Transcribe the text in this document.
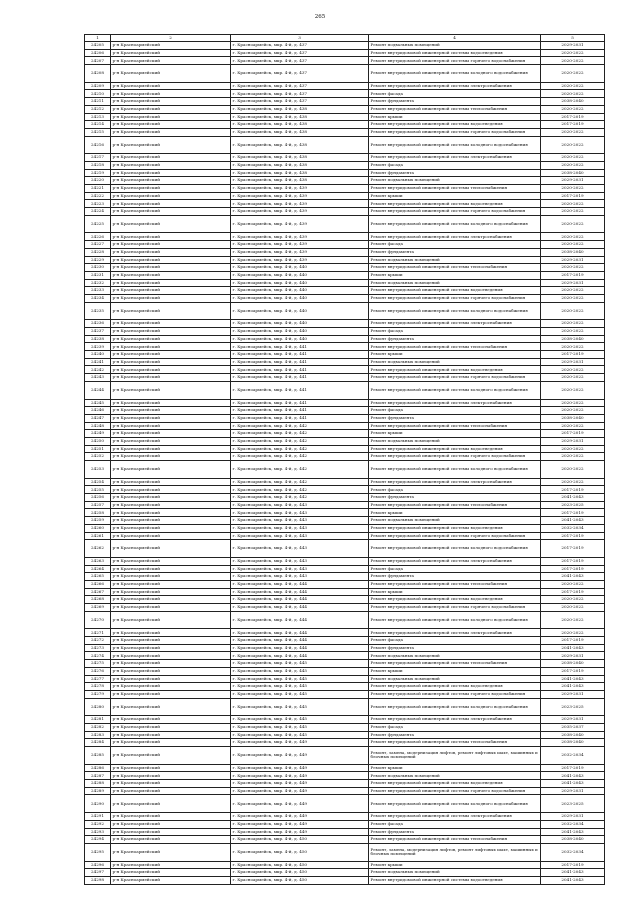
265
1	2	3	4	5
24205	р-н Красноармейский	г. Красноармейск, мкр. 4-й, д. 437	Ремонт подвальных помещений	2029-2031
24206	р-н Красноармейский	г. Красноармейск, мкр. 4-й, д. 437	Ремонт внутридомовой инженерной системы водоотведения	2020-2022
24207	р-н Красноармейский	г. Красноармейск, мкр. 4-й, д. 437	Ремонт внутридомовой инженерной системы горячего водоснабжения	2020-2022
24208	р-н Красноармейский	г. Красноармейск, мкр. 4-й, д. 437	Ремонт внутридомовой инженерной системы холодного водоснабжения	2020-2022
24209	р-н Красноармейский	г. Красноармейск, мкр. 4-й, д. 437	Ремонт внутридомовой инженерной системы электроснабжения	2020-2022
24210	р-н Красноармейский	г. Красноармейск, мкр. 4-й, д. 437	Ремонт фасада	2020-2022
24211	р-н Красноармейский	г. Красноармейск, мкр. 4-й, д. 437	Ремонт фундамента	2038-2040
24212	р-н Красноармейский	г. Красноармейск, мкр. 4-й, д. 438	Ремонт внутридомовой инженерной системы теплоснабжения	2020-2022
24213	р-н Красноармейский	г. Красноармейск, мкр. 4-й, д. 438	Ремонт крыши	2017-2019
24214	р-н Красноармейский	г. Красноармейск, мкр. 4-й, д. 438	Ремонт внутридомовой инженерной системы водоотведения	2017-2019
24215	р-н Красноармейский	г. Красноармейск, мкр. 4-й, д. 438	Ремонт внутридомовой инженерной системы горячего водоснабжения	2020-2022
24216	р-н Красноармейский	г. Красноармейск, мкр. 4-й, д. 438	Ремонт внутридомовой инженерной системы холодного водоснабжения	2020-2022
24217	р-н Красноармейский	г. Красноармейск, мкр. 4-й, д. 438	Ремонт внутридомовой инженерной системы электроснабжения	2020-2022
24218	р-н Красноармейский	г. Красноармейск, мкр. 4-й, д. 438	Ремонт фасада	2020-2022
24219	р-н Красноармейский	г. Красноармейск, мкр. 4-й, д. 438	Ремонт фундамента	2038-2040
24220	р-н Красноармейский	г. Красноармейск, мкр. 4-й, д. 438	Ремонт подвальных помещений	2029-2031
24221	р-н Красноармейский	г. Красноармейск, мкр. 4-й, д. 439	Ремонт внутридомовой инженерной системы теплоснабжения	2020-2022
24222	р-н Красноармейский	г. Красноармейск, мкр. 4-й, д. 439	Ремонт крыши	2017-2019
24223	р-н Красноармейский	г. Красноармейск, мкр. 4-й, д. 439	Ремонт внутридомовой инженерной системы водоотведения	2020-2022
24224	р-н Красноармейский	г. Красноармейск, мкр. 4-й, д. 439	Ремонт внутридомовой инженерной системы горячего водоснабжения	2020-2022
24225	р-н Красноармейский	г. Красноармейск, мкр. 4-й, д. 439	Ремонт внутридомовой инженерной системы холодного водоснабжения	2020-2022
24226	р-н Красноармейский	г. Красноармейск, мкр. 4-й, д. 439	Ремонт внутридомовой инженерной системы электроснабжения	2020-2022
24227	р-н Красноармейский	г. Красноармейск, мкр. 4-й, д. 439	Ремонт фасада	2020-2022
24228	р-н Красноармейский	г. Красноармейск, мкр. 4-й, д. 439	Ремонт фундамента	2038-2040
24229	р-н Красноармейский	г. Красноармейск, мкр. 4-й, д. 439	Ремонт подвальных помещений	2029-2031
24230	р-н Красноармейский	г. Красноармейск, мкр. 4-й, д. 440	Ремонт внутридомовой инженерной системы теплоснабжения	2020-2022
24231	р-н Красноармейский	г. Красноармейск, мкр. 4-й, д. 440	Ремонт крыши	2017-2019
24232	р-н Красноармейский	г. Красноармейск, мкр. 4-й, д. 440	Ремонт подвальных помещений	2029-2031
24233	р-н Красноармейский	г. Красноармейск, мкр. 4-й, д. 440	Ремонт внутридомовой инженерной системы водоотведения	2020-2022
24234	р-н Красноармейский	г. Красноармейск, мкр. 4-й, д. 440	Ремонт внутридомовой инженерной системы горячего водоснабжения	2020-2022
24235	р-н Красноармейский	г. Красноармейск, мкр. 4-й, д. 440	Ремонт внутридомовой инженерной системы холодного водоснабжения	2020-2022
24236	р-н Красноармейский	г. Красноармейск, мкр. 4-й, д. 440	Ремонт внутридомовой инженерной системы электроснабжения	2020-2022
24237	р-н Красноармейский	г. Красноармейск, мкр. 4-й, д. 440	Ремонт фасада	2020-2022
24238	р-н Красноармейский	г. Красноармейск, мкр. 4-й, д. 440	Ремонт фундамента	2038-2040
24239	р-н Красноармейский	г. Красноармейск, мкр. 4-й, д. 441	Ремонт внутридомовой инженерной системы теплоснабжения	2020-2022
24240	р-н Красноармейский	г. Красноармейск, мкр. 4-й, д. 441	Ремонт крыши	2017-2019
24241	р-н Красноармейский	г. Красноармейск, мкр. 4-й, д. 441	Ремонт подвальных помещений	2029-2031
24242	р-н Красноармейский	г. Красноармейск, мкр. 4-й, д. 441	Ремонт внутридомовой инженерной системы водоотведения	2020-2022
24243	р-н Красноармейский	г. Красноармейск, мкр. 4-й, д. 441	Ремонт внутридомовой инженерной системы горячего водоснабжения	2020-2022
24244	р-н Красноармейский	г. Красноармейск, мкр. 4-й, д. 441	Ремонт внутридомовой инженерной системы холодного водоснабжения	2020-2022
24245	р-н Красноармейский	г. Красноармейск, мкр. 4-й, д. 441	Ремонт внутридомовой инженерной системы электроснабжения	2020-2022
24246	р-н Красноармейский	г. Красноармейск, мкр. 4-й, д. 441	Ремонт фасада	2020-2022
24247	р-н Красноармейский	г. Красноармейск, мкр. 4-й, д. 441	Ремонт фундамента	2038-2040
24248	р-н Красноармейский	г. Красноармейск, мкр. 4-й, д. 442	Ремонт внутридомовой инженерной системы теплоснабжения	2020-2022
24249	р-н Красноармейский	г. Красноармейск, мкр. 4-й, д. 442	Ремонт крыши	2017-2019
24250	р-н Красноармейский	г. Красноармейск, мкр. 4-й, д. 442	Ремонт подвальных помещений	2029-2031
24251	р-н Красноармейский	г. Красноармейск, мкр. 4-й, д. 442	Ремонт внутридомовой инженерной системы водоотведения	2020-2022
24252	р-н Красноармейский	г. Красноармейск, мкр. 4-й, д. 442	Ремонт внутридомовой инженерной системы горячего водоснабжения	2020-2022
24253	р-н Красноармейский	г. Красноармейск, мкр. 4-й, д. 442	Ремонт внутридомовой инженерной системы холодного водоснабжения	2020-2022
24254	р-н Красноармейский	г. Красноармейск, мкр. 4-й, д. 442	Ремонт внутридомовой инженерной системы электроснабжения	2020-2022
24255	р-н Красноармейский	г. Красноармейск, мкр. 4-й, д. 442	Ремонт фасада	2017-2019
24256	р-н Красноармейский	г. Красноармейск, мкр. 4-й, д. 442	Ремонт фундамента	2041-2043
24257	р-н Красноармейский	г. Красноармейск, мкр. 4-й, д. 443	Ремонт внутридомовой инженерной системы теплоснабжения	2023-2025
24258	р-н Красноармейский	г. Красноармейск, мкр. 4-й, д. 443	Ремонт крыши	2017-2019
24259	р-н Красноармейский	г. Красноармейск, мкр. 4-й, д. 443	Ремонт подвальных помещений	2041-2043
24260	р-н Красноармейский	г. Красноармейск, мкр. 4-й, д. 443	Ремонт внутридомовой инженерной системы водоотведения	2032-2034
24261	р-н Красноармейский	г. Красноармейск, мкр. 4-й, д. 443	Ремонт внутридомовой инженерной системы горячего водоснабжения	2017-2019
24262	р-н Красноармейский	г. Красноармейск, мкр. 4-й, д. 443	Ремонт внутридомовой инженерной системы холодного водоснабжения	2017-2019
24263	р-н Красноармейский	г. Красноармейск, мкр. 4-й, д. 443	Ремонт внутридомовой инженерной системы электроснабжения	2017-2019
24264	р-н Красноармейский	г. Красноармейск, мкр. 4-й, д. 443	Ремонт фасада	2017-2019
24265	р-н Красноармейский	г. Красноармейск, мкр. 4-й, д. 443	Ремонт фундамента	2041-2043
24266	р-н Красноармейский	г. Красноармейск, мкр. 4-й, д. 444	Ремонт внутридомовой инженерной системы теплоснабжения	2020-2022
24267	р-н Красноармейский	г. Красноармейск, мкр. 4-й, д. 444	Ремонт крыши	2017-2019
24268	р-н Красноармейский	г. Красноармейск, мкр. 4-й, д. 444	Ремонт внутридомовой инженерной системы водоотведения	2020-2022
24269	р-н Красноармейский	г. Красноармейск, мкр. 4-й, д. 444	Ремонт внутридомовой инженерной системы горячего водоснабжения	2020-2022
24270	р-н Красноармейский	г. Красноармейск, мкр. 4-й, д. 444	Ремонт внутридомовой инженерной системы холодного водоснабжения	2020-2022
24271	р-н Красноармейский	г. Красноармейск, мкр. 4-й, д. 444	Ремонт внутридомовой инженерной системы электроснабжения	2020-2022
24272	р-н Красноармейский	г. Красноармейск, мкр. 4-й, д. 444	Ремонт фасада	2017-2019
24273	р-н Красноармейский	г. Красноармейск, мкр. 4-й, д. 444	Ремонт фундамента	2041-2043
24274	р-н Красноармейский	г. Красноармейск, мкр. 4-й, д. 444	Ремонт подвальных помещений	2029-2031
24275	р-н Красноармейский	г. Красноармейск, мкр. 4-й, д. 445	Ремонт внутридомовой инженерной системы теплоснабжения	2038-2040
24276	р-н Красноармейский	г. Красноармейск, мкр. 4-й, д. 445	Ремонт крыши	2017-2019
24277	р-н Красноармейский	г. Красноармейск, мкр. 4-й, д. 445	Ремонт подвальных помещений	2041-2043
24278	р-н Красноармейский	г. Красноармейск, мкр. 4-й, д. 445	Ремонт внутридомовой инженерной системы водоотведения	2041-2043
24279	р-н Красноармейский	г. Красноармейск, мкр. 4-й, д. 445	Ремонт внутридомовой инженерной системы горячего водоснабжения	2029-2031
24280	р-н Красноармейский	г. Красноармейск, мкр. 4-й, д. 445	Ремонт внутридомовой инженерной системы холодного водоснабжения	2023-2025
24281	р-н Красноармейский	г. Красноармейск, мкр. 4-й, д. 445	Ремонт внутридомовой инженерной системы электроснабжения	2029-2031
24282	р-н Красноармейский	г. Красноармейск, мкр. 4-й, д. 445	Ремонт фасада	2035-2037
24283	р-н Красноармейский	г. Красноармейск, мкр. 4-й, д. 445	Ремонт фундамента	2038-2040
24284	р-н Красноармейский	г. Красноармейск, мкр. 4-й, д. 449	Ремонт внутридомовой инженерной системы теплоснабжения	2038-2040
24285	р-н Красноармейский	г. Красноармейск, мкр. 4-й, д. 449	Ремонт, замена, модернизация лифтов, ремонт лифтовых шахт, машинных и блочных помещений	2032-2034
24286	р-н Красноармейский	г. Красноармейск, мкр. 4-й, д. 449	Ремонт крыши	2017-2019
24287	р-н Красноармейский	г. Красноармейск, мкр. 4-й, д. 449	Ремонт подвальных помещений	2041-2043
24288	р-н Красноармейский	г. Красноармейск, мкр. 4-й, д. 449	Ремонт внутридомовой инженерной системы водоотведения	2041-2043
24289	р-н Красноармейский	г. Красноармейск, мкр. 4-й, д. 449	Ремонт внутридомовой инженерной системы горячего водоснабжения	2029-2031
24290	р-н Красноармейский	г. Красноармейск, мкр. 4-й, д. 449	Ремонт внутридомовой инженерной системы холодного водоснабжения	2023-2025
24291	р-н Красноармейский	г. Красноармейск, мкр. 4-й, д. 449	Ремонт внутридомовой инженерной системы электроснабжения	2029-2031
24292	р-н Красноармейский	г. Красноармейск, мкр. 4-й, д. 449	Ремонт фасада	2032-2034
24293	р-н Красноармейский	г. Красноармейск, мкр. 4-й, д. 449	Ремонт фундамента	2041-2043
24294	р-н Красноармейский	г. Красноармейск, мкр. 4-й, д. 450	Ремонт внутридомовой инженерной системы теплоснабжения	2038-2040
24295	р-н Красноармейский	г. Красноармейск, мкр. 4-й, д. 450	Ремонт, замена, модернизация лифтов, ремонт лифтовых шахт, машинных и блочных помещений	2032-2034
24296	р-н Красноармейский	г. Красноармейск, мкр. 4-й, д. 450	Ремонт крыши	2017-2019
24297	р-н Красноармейский	г. Красноармейск, мкр. 4-й, д. 450	Ремонт подвальных помещений	2041-2043
24298	р-н Красноармейский	г. Красноармейск, мкр. 4-й, д. 450	Ремонт внутридомовой инженерной системы водоотведения	2041-2043
